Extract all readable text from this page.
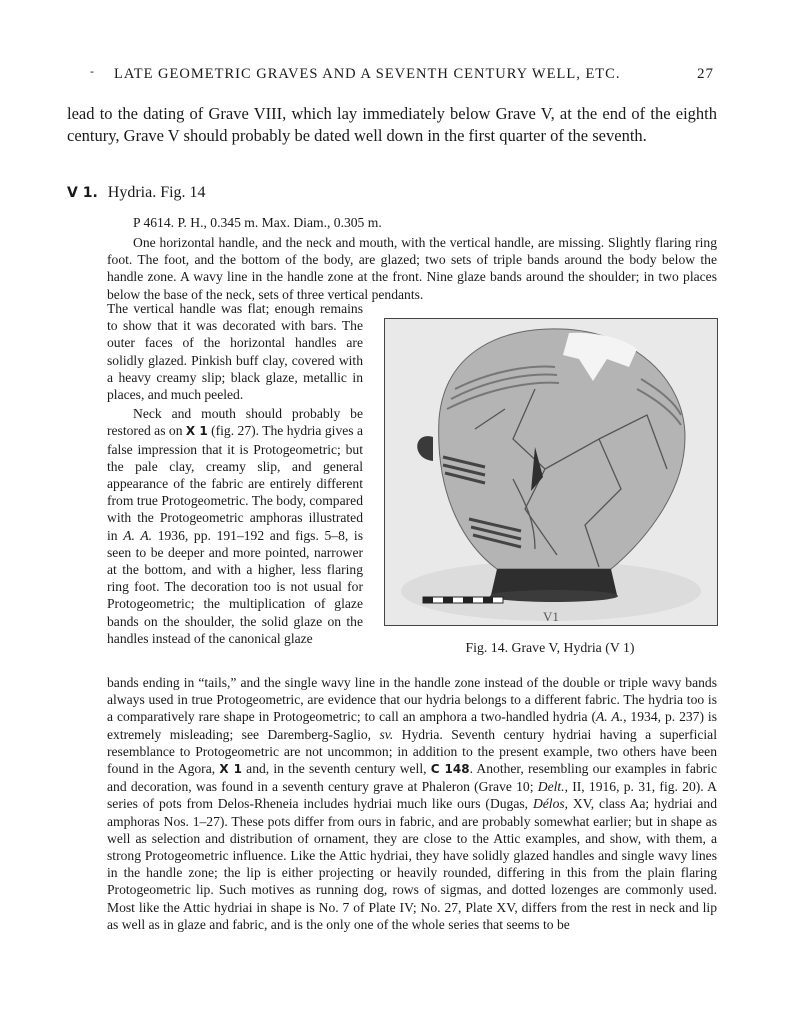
- LATE GEOMETRIC GRAVES AND A SEVENTH CENTURY WELL, ETC.	27
lead to the dating of Grave VIII, which lay immediately below Grave V, at the end of the eighth century, Grave V should probably be dated well down in the first quarter of the seventh.
V 1. Hydria. Fig. 14
P 4614. P. H., 0.345 m. Max. Diam., 0.305 m.
One horizontal handle, and the neck and mouth, with the vertical handle, are missing. Slightly flaring ring foot. The foot, and the bottom of the body, are glazed; two sets of triple bands around the body below the handle zone. A wavy line in the handle zone at the front. Nine glaze bands around the shoulder; in two places below the base of the neck, sets of three vertical pendants.

The vertical handle was flat; enough remains to show that it was decorated with bars. The outer faces of the horizontal handles are solidly glazed. Pinkish buff clay, covered with a heavy creamy slip; black glaze, metallic in places, and much peeled.

Neck and mouth should probably be restored as on X 1 (fig. 27). The hydria gives a false impression that it is Protogeometric; but the pale clay, creamy slip, and general appearance of the fabric are entirely different from true Protogeometric. The body, compared with the Protogeometric amphoras illustrated in A. A. 1936, pp. 191–192 and figs. 5–8, is seen to be deeper and more pointed, narrower at the bottom, and with a higher, less flaring ring foot. The decoration too is not usual for Protogeometric; the multiplication of glaze bands on the shoulder, the solid glaze on the handles instead of the canonical glaze

V1
Fig. 14. Grave V, Hydria (V 1)
bands ending in “tails,” and the single wavy line in the handle zone instead of the double or triple wavy bands always used in true Protogeometric, are evidence that our hydria belongs to a different fabric. The hydria too is a comparatively rare shape in Protogeometric; to call an amphora a two-handled hydria (A. A., 1934, p. 237) is extremely misleading; see Daremberg-Saglio, sv. Hydria. Seventh century hydriai having a superficial resemblance to Protogeometric are not uncommon; in addition to the present example, two others have been found in the Agora, X 1 and, in the seventh century well, C 148. Another, resembling our examples in fabric and decoration, was found in a seventh century grave at Phaleron (Grave 10; Delt., II, 1916, p. 31, fig. 20). A series of pots from Delos-Rheneia includes hydriai much like ours (Dugas, Délos, XV, class Aa; hydriai and amphoras Nos. 1–27). These pots differ from ours in fabric, and are probably somewhat earlier; but in shape as well as selection and distribution of ornament, they are close to the Attic examples, and show, with them, a strong Protogeometric influence. Like the Attic hydriai, they have solidly glazed handles and single wavy lines in the handle zone; the lip is either projecting or heavily rounded, differing in this from the plain flaring Protogeometric lip. Such motives as running dog, rows of sigmas, and dotted lozenges are commonly used. Most like the Attic hydriai in shape is No. 7 of Plate IV; No. 27, Plate XV, differs from the rest in neck and lip as well as in glaze and fabric, and is the only one of the whole series that seems to be
